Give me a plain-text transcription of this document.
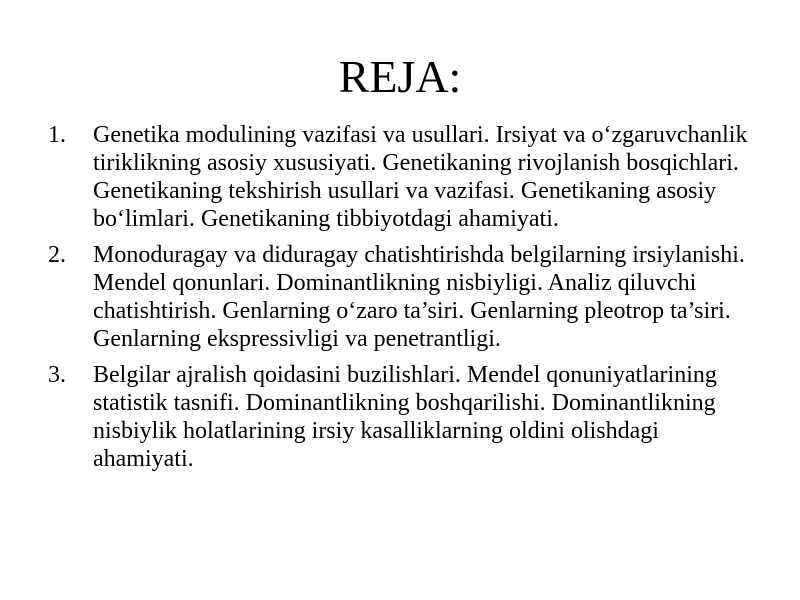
REJA:
1.	Genetika modulining vazifasi va usullari. Irsiyat va o‘zgaruvchanlik tiriklikning asosiy xususiyati. Genetikaning rivojlanish bosqichlari. Genetikaning tekshirish usullari va vazifasi. Genetikaning asosiy bo‘limlari. Genetikaning tibbiyotdagi ahamiyati.
2.	Monoduragay va diduragay chatishtirishda belgilarning irsiylanishi. Mendel qonunlari. Dominantlikning nisbiyligi. Analiz qiluvchi chatishtirish. Genlarning o‘zaro ta’siri. Genlarning pleotrop ta’siri. Genlarning ekspressivligi va penetrantligi.
3.	Belgilar ajralish qoidasini buzilishlari. Mendel qonuniyatlarining statistik tasnifi. Dominantlikning boshqarilishi. Dominantlikning nisbiylik holatlarining irsiy kasalliklarning oldini olishdagi ahamiyati.
